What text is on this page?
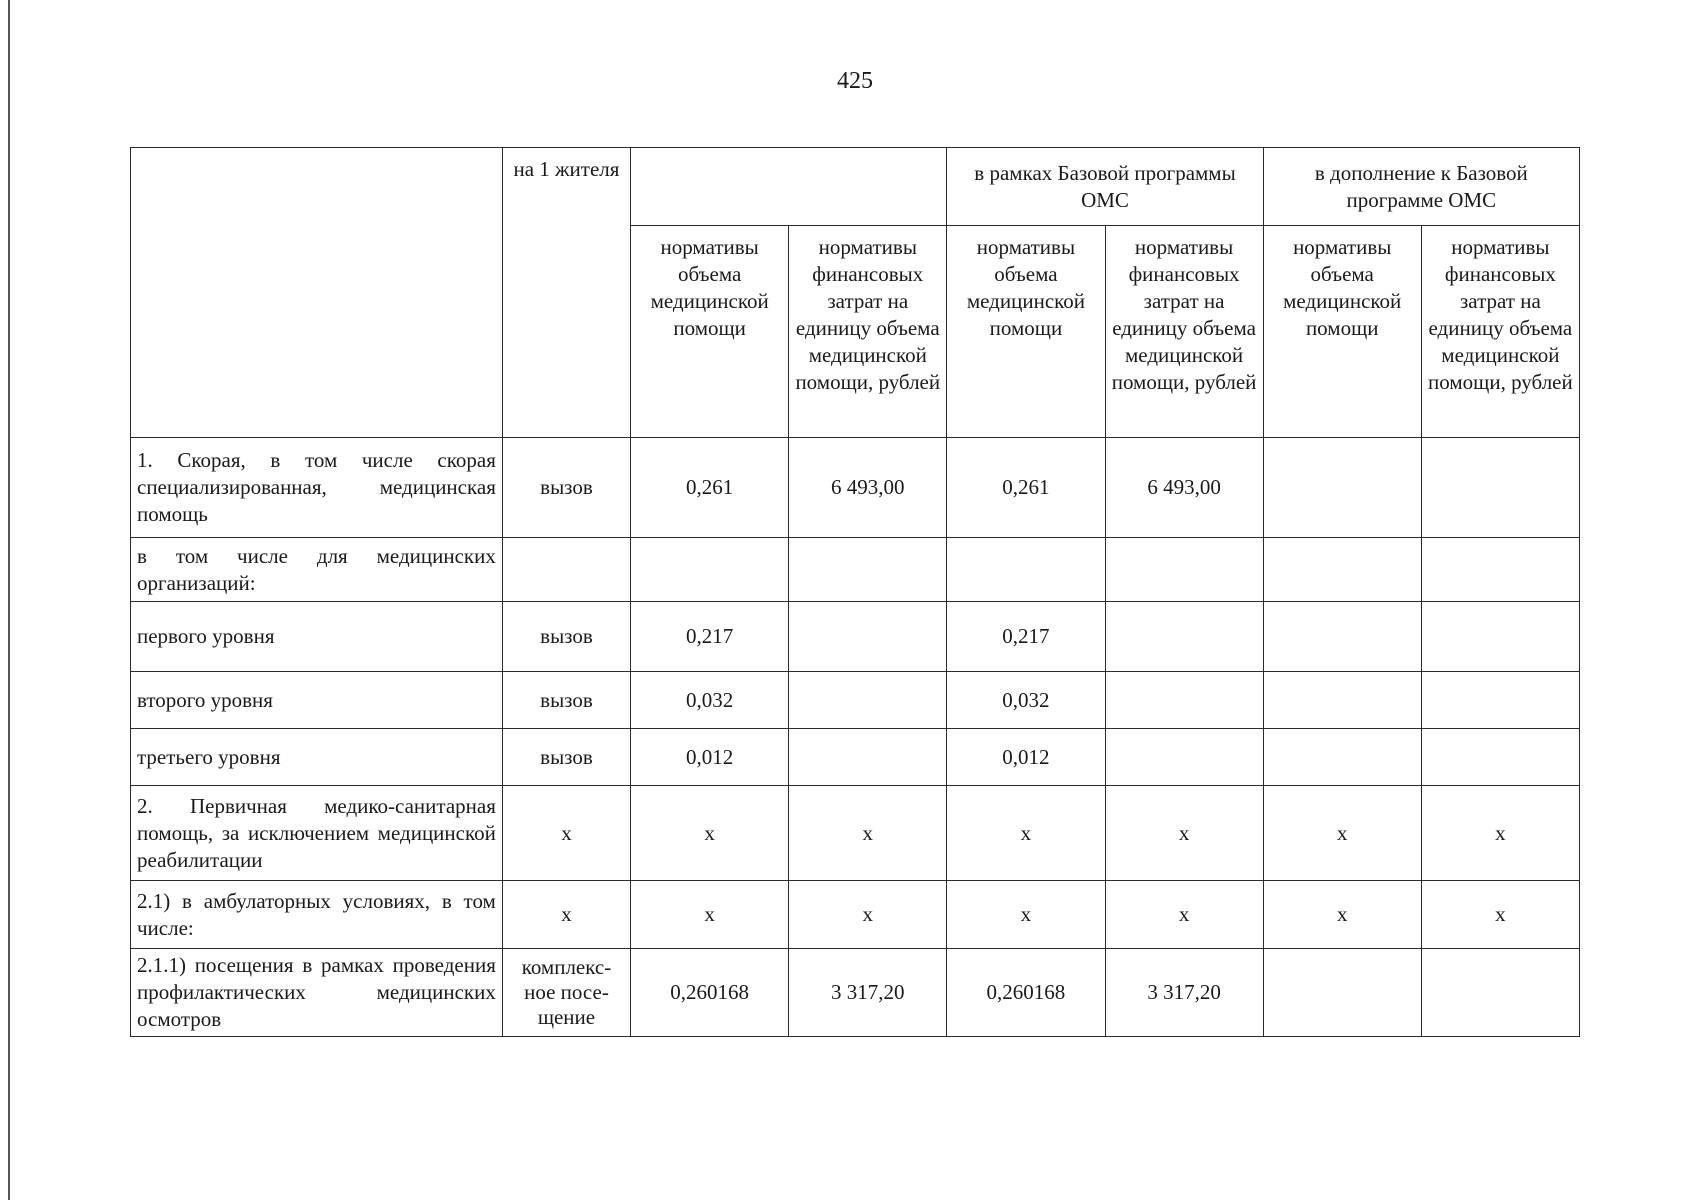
425
	на 1 жителя			в рамках Базовой программы ОМС		в дополнение к Базовой программе ОМС	
		нормативы объема медицинской помощи	нормативы финансовых затрат на единицу объема медицинской помощи, рублей	нормативы объема медицинской помощи	нормативы финансовых затрат на единицу объема медицинской помощи, рублей	нормативы объема медицинской помощи	нормативы финансовых затрат на единицу объема медицинской помощи, рублей
1. Скорая, в том числе скорая специализированная, медицинская помощь	вызов	0,261	6 493,00	0,261	6 493,00		
в том числе для медицинских организаций:							
первого уровня	вызов	0,217		0,217			
второго уровня	вызов	0,032		0,032			
третьего уровня	вызов	0,012		0,012			
2. Первичная медико-санитарная помощь, за исключением медицинской реабилитации	x	x	x	x	x	x	x
2.1) в амбулаторных условиях, в том числе:	x	x	x	x	x	x	x
2.1.1) посещения в рамках проведения профилактических медицинских осмотров	комплекс-ное посе-щение	0,260168	3 317,20	0,260168	3 317,20		
